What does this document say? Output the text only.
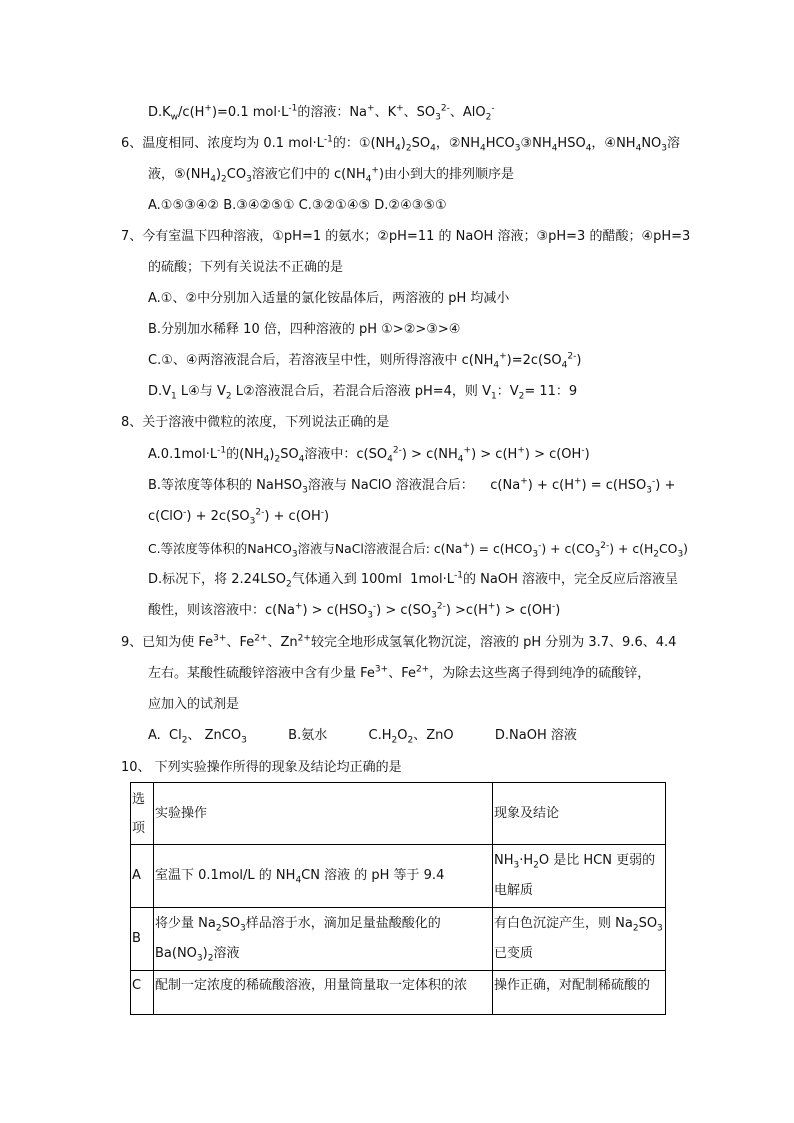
$D.K_w/c(H^+)=0.1$ $mol\cdot L^{-1}$的溶液：Na+、K+、$SO_3^{2-}$、AlO$_2$-
6、温度相同、浓度均为 0.1 $mol\cdot L^{-1}$的：$①(NH_4)_2SO_4$，$②NH_4HCO_3③NH_4HSO_4$，$④NH_4NO_3$溶
液，$⑤(NH_4)_2CO_3$溶液它们中的 $c(NH_4^+)$由小到大的排列顺序是
A.①⑤③④② B.③④②⑤① C.③②①④⑤ D.②④③⑤①
7、今有室温下四种溶液，①pH=1 的氨水；②pH=11 的 NaOH 溶液；③pH=3 的醋酸；④pH=3
的硫酸；下列有关说法不正确的是
A.①、②中分别加入适量的氯化铵晶体后，两溶液的 pH 均减小
B.分别加水稀释 10 倍，四种溶液的 pH ①>②>③>④
C.①、④两溶液混合后，若溶液呈中性，则所得溶液中 $c(NH_4^+)=2c(SO_4^{2-})$
$D.V_1$ L④与 $V_2$ L②溶液混合后，若混合后溶液 pH=4，则 $V_1$：$V_2= 11$：9
8、关于溶液中微粒的浓度，下列说法正确的是
$A.0.1mol\cdot L^{-1}$的$(NH_4)_2SO_4$溶液中：$c(SO_4^{2-}) > c(NH_4^+) > c(H^+) > c(OH^-)$
B.等浓度等体积的 NaHSO$_3$溶液与 NaClO 溶液混合后：    $c(Na^+) + c(H^+) = c(HSO_3^-)$ +
$c(ClO^-) + 2c(SO_3^{2-}) + c(OH^-)$
C.等浓度等体积的NaHCO$_3$溶液与NaCl溶液混合后: $c(Na^+) = c(HCO_3^-) + c(CO_3^{2-}) + c(H_2CO_3)$
D.标况下，将 $2.24LSO_2$气体通入到 100ml  $1mol\cdot L^{-1}$的 NaOH 溶液中，完全反应后溶液呈
酸性，则该溶液中：$c(Na^+) > c(HSO_3^-) > c(SO_3^{2-}) >c(H^+) > c(OH^-)$
9、已知为使 $Fe^{3+}$、$Fe^{2+}$、$Zn^{2+}$较完全地形成氢氧化物沉淀，溶液的 pH 分别为 3.7、9.6、4.4
左右。某酸性硫酸锌溶液中含有少量 $Fe^{3+}$、$Fe^{2+}$，为除去这些离子得到纯净的硫酸锌，
应加入的试剂是
A.  $Cl_2$、 ZnCO$_3$          B.氨水          $C.H_2O_2$、ZnO          D.NaOH 溶液
10、 下列实验操作所得的现象及结论均正确的是
选
项	实验操作	现象及结论
A	室温下 0.1mol/L 的 $NH_4CN$ 溶液 的 pH 等于 9.4	$NH_3\cdot H_2O$ 是比 HCN 更弱的电解质
B	将少量 $Na_2SO_3$样品溶于水，滴加足量盐酸酸化的 $Ba(NO_3)_2$溶液	有白色沉淀产生，则 $Na_2SO_3$已变质
C	配制一定浓度的稀硫酸溶液，用量筒量取一定体积的浓	操作正确，对配制稀硫酸的
